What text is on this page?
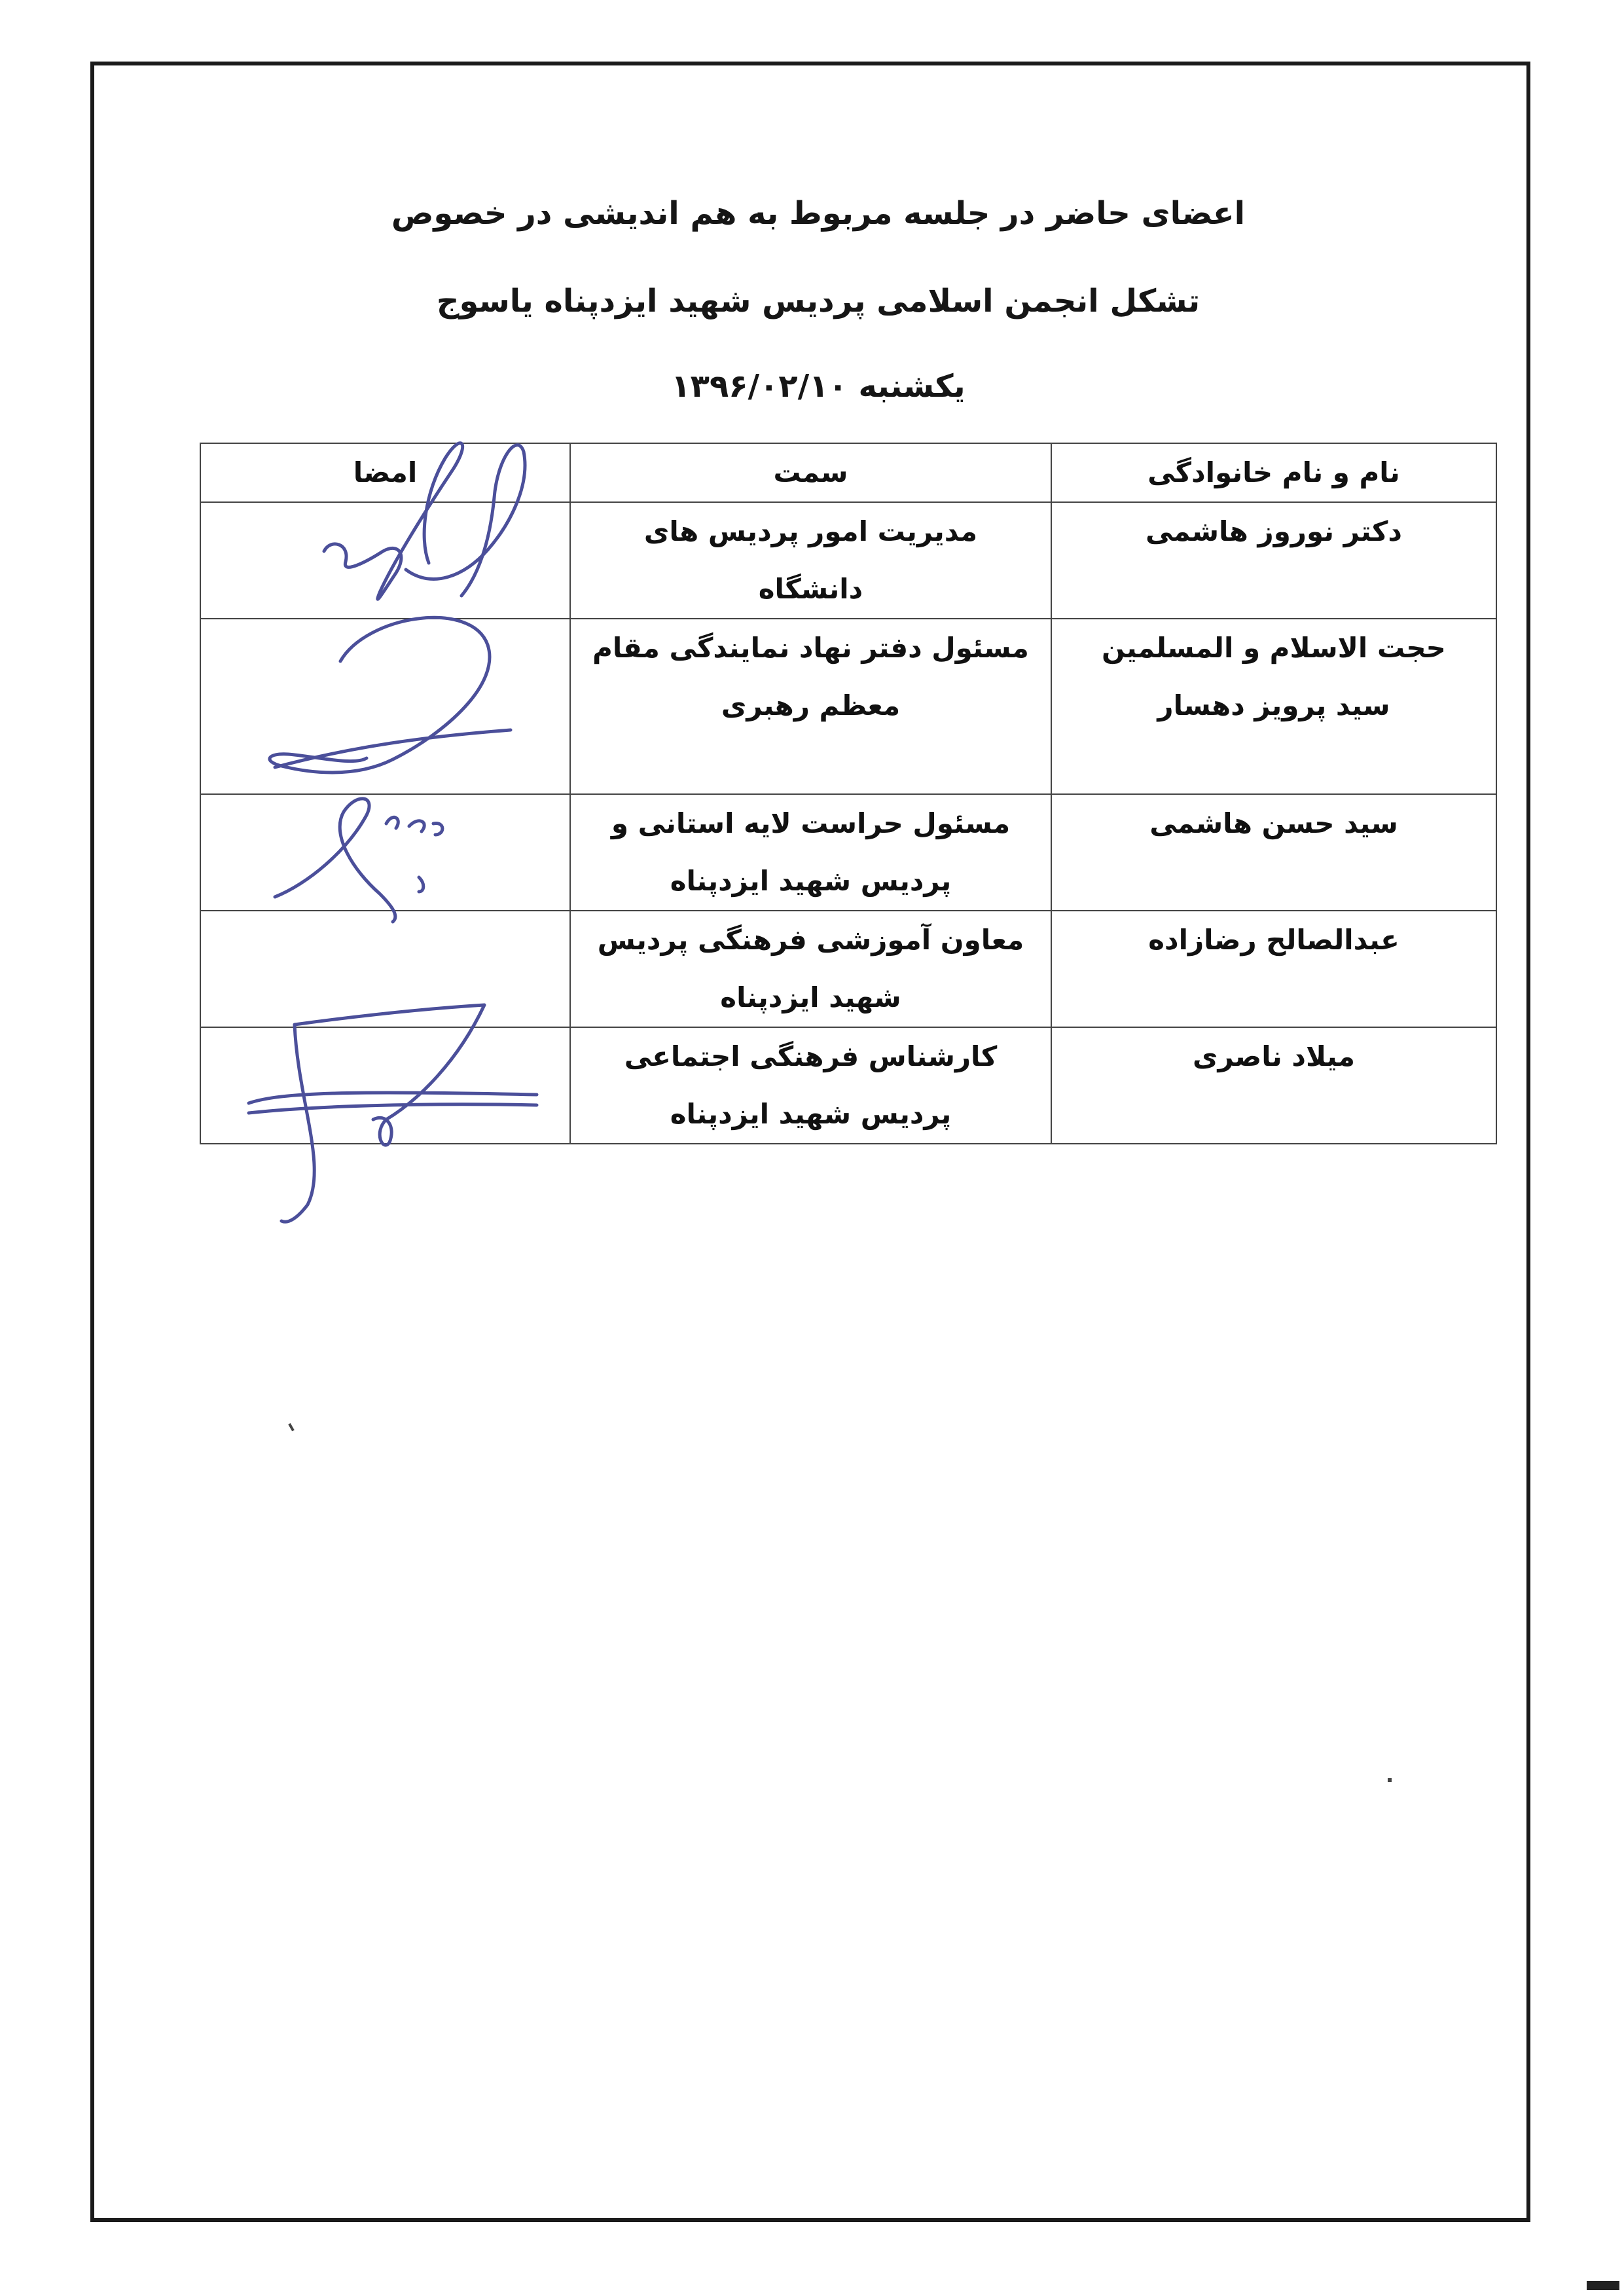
اعضای حاضر در جلسه مربوط به هم اندیشی در خصوص
تشکل انجمن اسلامی پردیس شهید ایزدپناه یاسوج
یکشنبه ۱۳۹۶/۰۲/۱۰
نام و نام خانوادگی	سمت	امضا
دکتر نوروز هاشمی	مدیریت امور پردیس های دانشگاه	
حجت الاسلام و المسلمین سید پرویز دهسار	مسئول دفتر نهاد نمایندگی مقام معظم رهبری	
سید حسن هاشمی	مسئول حراست لایه استانی و پردیس شهید ایزدپناه	
عبدالصالح رضازاده	معاون آموزشی فرهنگی پردیس شهید ایزدپناه	
میلاد ناصری	کارشناس فرهنگی اجتماعی پردیس شهید ایزدپناه	
